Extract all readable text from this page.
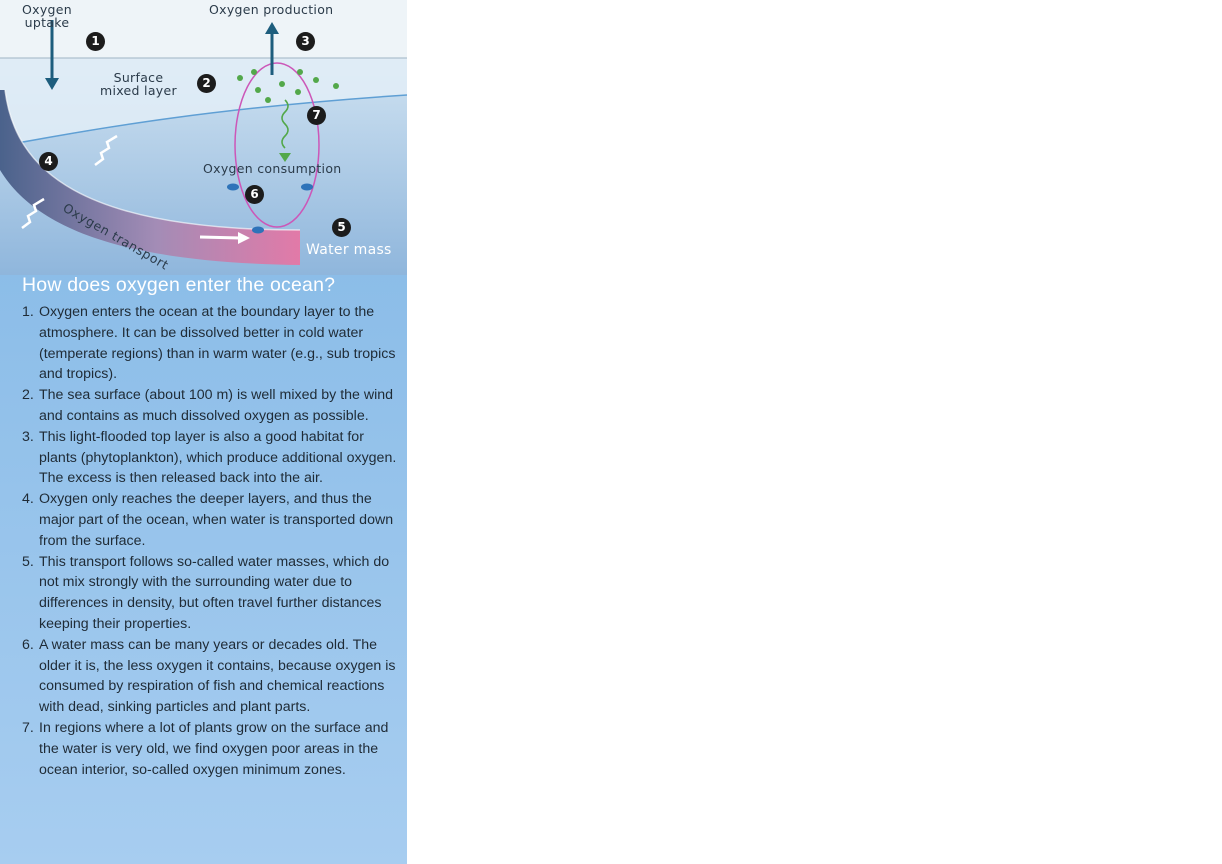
Oxygen
uptake
Oxygen production
Surface
mixed layer
Oxygen consumption
Oxygen transport	Water mass
1
2
3
4
5
6
7
How does oxygen enter the ocean?
1. Oxygen enters the ocean at the boundary layer to the atmosphere. It can be dissolved better in cold water (temperate regions) than in warm water (e.g., sub tropics and tropics).
2. The sea surface (about 100 m) is well mixed by the wind and contains as much dissolved oxygen as possible.
3. This light-flooded top layer is also a good habitat for plants (phytoplankton), which produce additional oxygen. The excess is then released back into the air.
4. Oxygen only reaches the deeper layers, and thus the major part of the ocean, when water is transported down from the surface.
5. This transport follows so-called water masses, which do not mix strongly with the surrounding water due to differences in density, but often travel further distances keeping their properties.
6. A water mass can be many years or decades old. The older it is, the less oxygen it contains, because oxygen is consumed by respiration of fish and chemical reactions with dead, sinking particles and plant parts.
7. In regions where a lot of plants grow on the surface and the water is very old, we find oxygen poor areas in the ocean interior, so-called oxygen minimum zones.
